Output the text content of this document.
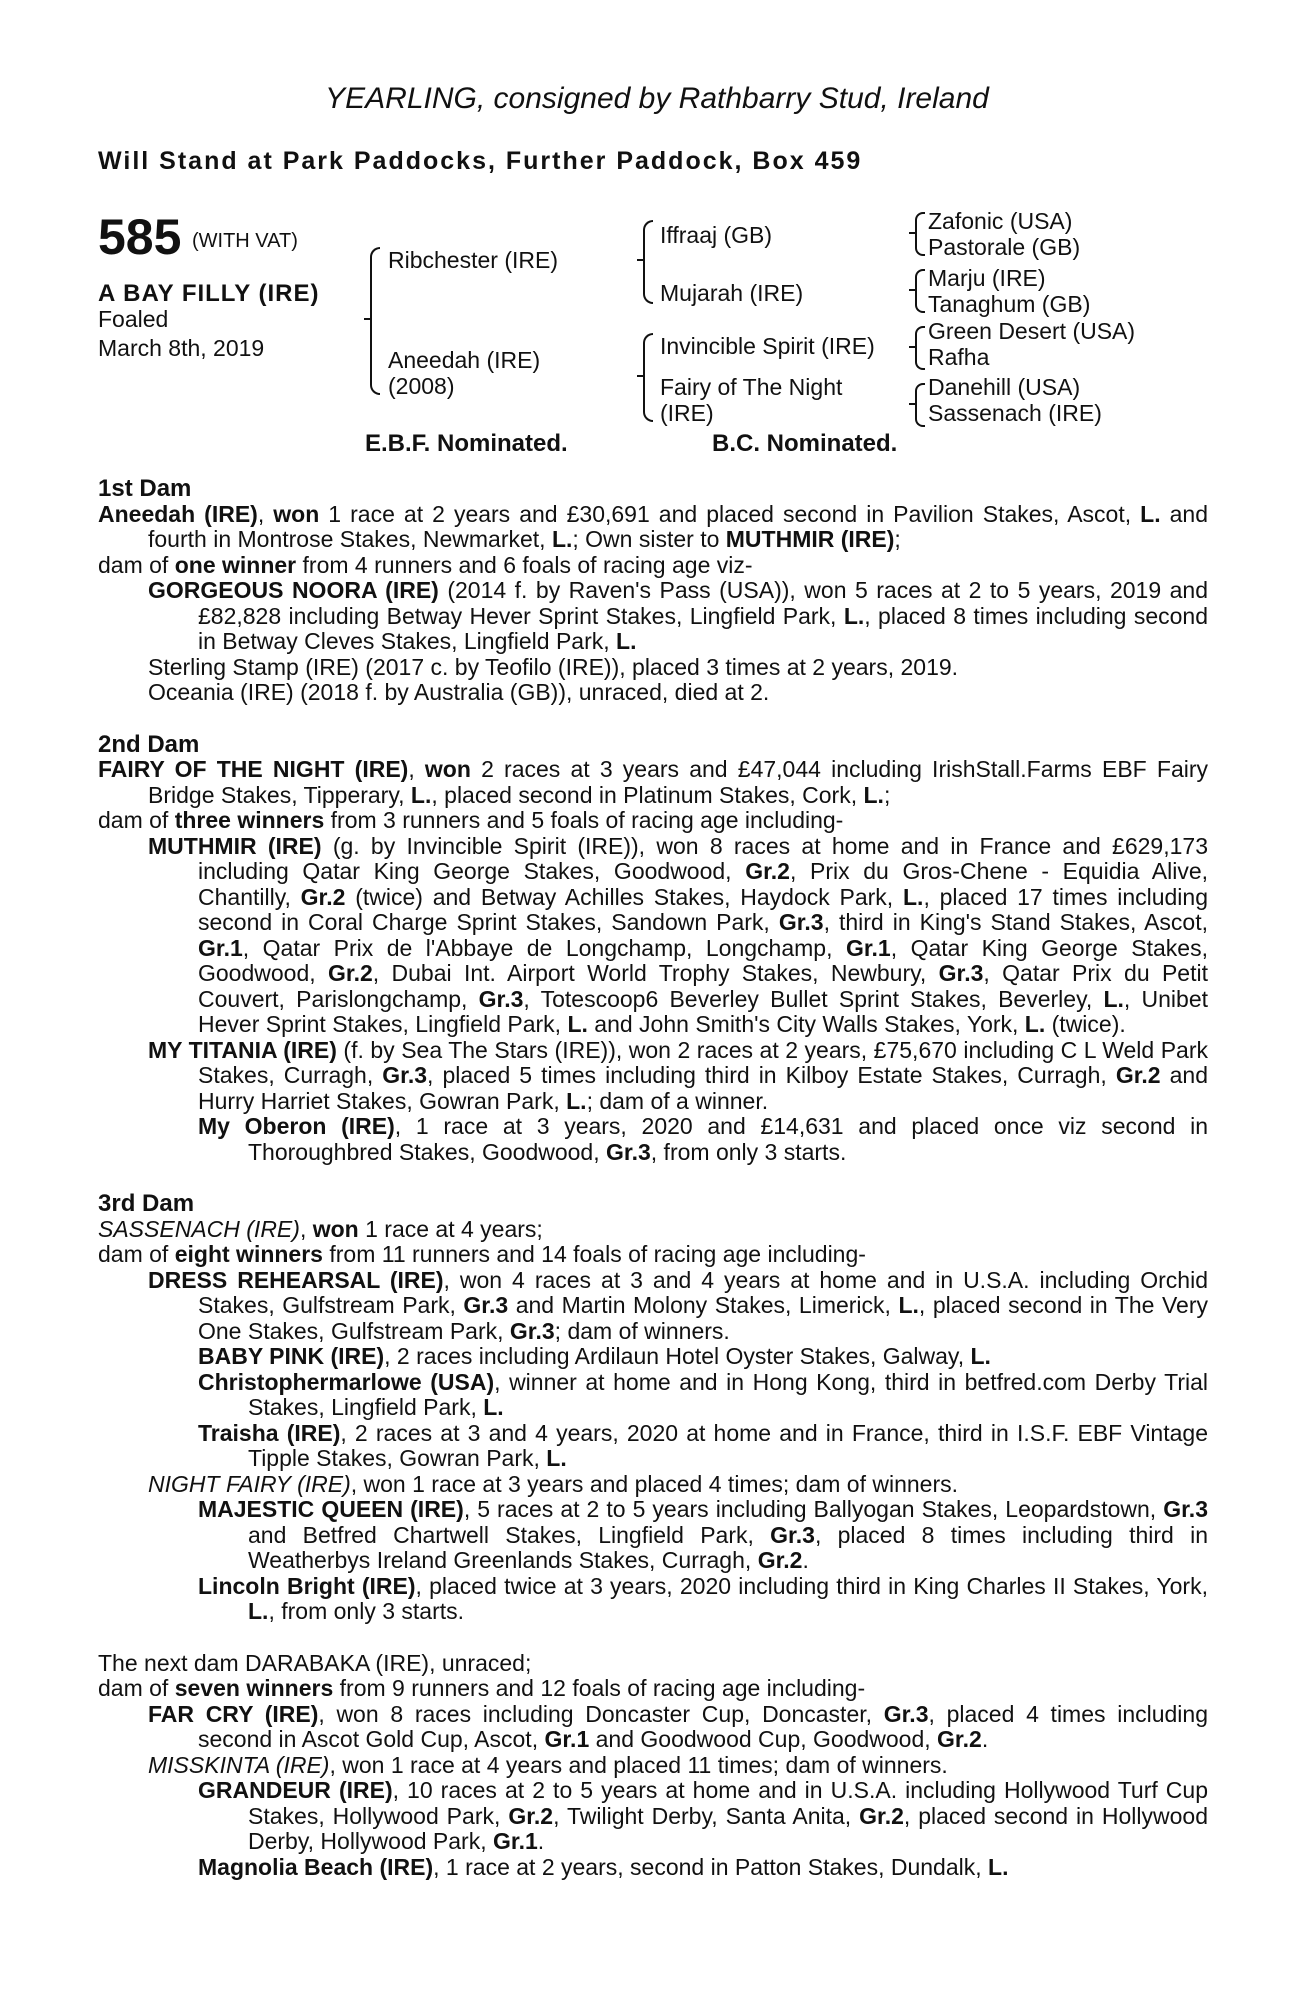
YEARLING, consigned by Rathbarry Stud, Ireland
Will Stand at Park Paddocks, Further Paddock, Box 459
585 (WITH VAT)
A BAY FILLY (IRE)
Foaled
March 8th, 2019
Ribchester (IRE)
Aneedah (IRE)
(2008)
Iffraaj (GB)
Mujarah (IRE)
Invincible Spirit (IRE)
Fairy of The Night
(IRE)
Zafonic (USA)
Pastorale (GB)
Marju (IRE)
Tanaghum (GB)
Green Desert (USA)
Rafha
Danehill (USA)
Sassenach (IRE)
E.B.F. Nominated.	B.C. Nominated.
1st Dam
Aneedah (IRE), won 1 race at 2 years and £30,691 and placed second in Pavilion Stakes, Ascot, L. and fourth in Montrose Stakes, Newmarket, L.; Own sister to MUTHMIR (IRE);
dam of one winner from 4 runners and 6 foals of racing age viz-
GORGEOUS NOORA (IRE) (2014 f. by Raven's Pass (USA)), won 5 races at 2 to 5 years, 2019 and £82,828 including Betway Hever Sprint Stakes, Lingfield Park, L., placed 8 times including second in Betway Cleves Stakes, Lingfield Park, L.
Sterling Stamp (IRE) (2017 c. by Teofilo (IRE)), placed 3 times at 2 years, 2019.
Oceania (IRE) (2018 f. by Australia (GB)), unraced, died at 2.
2nd Dam
FAIRY OF THE NIGHT (IRE), won 2 races at 3 years and £47,044 including IrishStall.Farms EBF Fairy Bridge Stakes, Tipperary, L., placed second in Platinum Stakes, Cork, L.;
dam of three winners from 3 runners and 5 foals of racing age including-
MUTHMIR (IRE) (g. by Invincible Spirit (IRE)), won 8 races at home and in France and £629,173 including Qatar King George Stakes, Goodwood, Gr.2, Prix du Gros-Chene - Equidia Alive, Chantilly, Gr.2 (twice) and Betway Achilles Stakes, Haydock Park, L., placed 17 times including second in Coral Charge Sprint Stakes, Sandown Park, Gr.3, third in King's Stand Stakes, Ascot, Gr.1, Qatar Prix de l'Abbaye de Longchamp, Longchamp, Gr.1, Qatar King George Stakes, Goodwood, Gr.2, Dubai Int. Airport World Trophy Stakes, Newbury, Gr.3, Qatar Prix du Petit Couvert, Parislongchamp, Gr.3, Totescoop6 Beverley Bullet Sprint Stakes, Beverley, L., Unibet Hever Sprint Stakes, Lingfield Park, L. and John Smith's City Walls Stakes, York, L. (twice).
MY TITANIA (IRE) (f. by Sea The Stars (IRE)), won 2 races at 2 years, £75,670 including C L Weld Park Stakes, Curragh, Gr.3, placed 5 times including third in Kilboy Estate Stakes, Curragh, Gr.2 and Hurry Harriet Stakes, Gowran Park, L.; dam of a winner.
My Oberon (IRE), 1 race at 3 years, 2020 and £14,631 and placed once viz second in Thoroughbred Stakes, Goodwood, Gr.3, from only 3 starts.
3rd Dam
SASSENACH (IRE), won 1 race at 4 years;
dam of eight winners from 11 runners and 14 foals of racing age including-
DRESS REHEARSAL (IRE), won 4 races at 3 and 4 years at home and in U.S.A. including Orchid Stakes, Gulfstream Park, Gr.3 and Martin Molony Stakes, Limerick, L., placed second in The Very One Stakes, Gulfstream Park, Gr.3; dam of winners.
BABY PINK (IRE), 2 races including Ardilaun Hotel Oyster Stakes, Galway, L.
Christophermarlowe (USA), winner at home and in Hong Kong, third in betfred.com Derby Trial Stakes, Lingfield Park, L.
Traisha (IRE), 2 races at 3 and 4 years, 2020 at home and in France, third in I.S.F. EBF Vintage Tipple Stakes, Gowran Park, L.
NIGHT FAIRY (IRE), won 1 race at 3 years and placed 4 times; dam of winners.
MAJESTIC QUEEN (IRE), 5 races at 2 to 5 years including Ballyogan Stakes, Leopardstown, Gr.3 and Betfred Chartwell Stakes, Lingfield Park, Gr.3, placed 8 times including third in Weatherbys Ireland Greenlands Stakes, Curragh, Gr.2.
Lincoln Bright (IRE), placed twice at 3 years, 2020 including third in King Charles II Stakes, York, L., from only 3 starts.
The next dam DARABAKA (IRE), unraced;
dam of seven winners from 9 runners and 12 foals of racing age including-
FAR CRY (IRE), won 8 races including Doncaster Cup, Doncaster, Gr.3, placed 4 times including second in Ascot Gold Cup, Ascot, Gr.1 and Goodwood Cup, Goodwood, Gr.2.
MISSKINTA (IRE), won 1 race at 4 years and placed 11 times; dam of winners.
GRANDEUR (IRE), 10 races at 2 to 5 years at home and in U.S.A. including Hollywood Turf Cup Stakes, Hollywood Park, Gr.2, Twilight Derby, Santa Anita, Gr.2, placed second in Hollywood Derby, Hollywood Park, Gr.1.
Magnolia Beach (IRE), 1 race at 2 years, second in Patton Stakes, Dundalk, L.
